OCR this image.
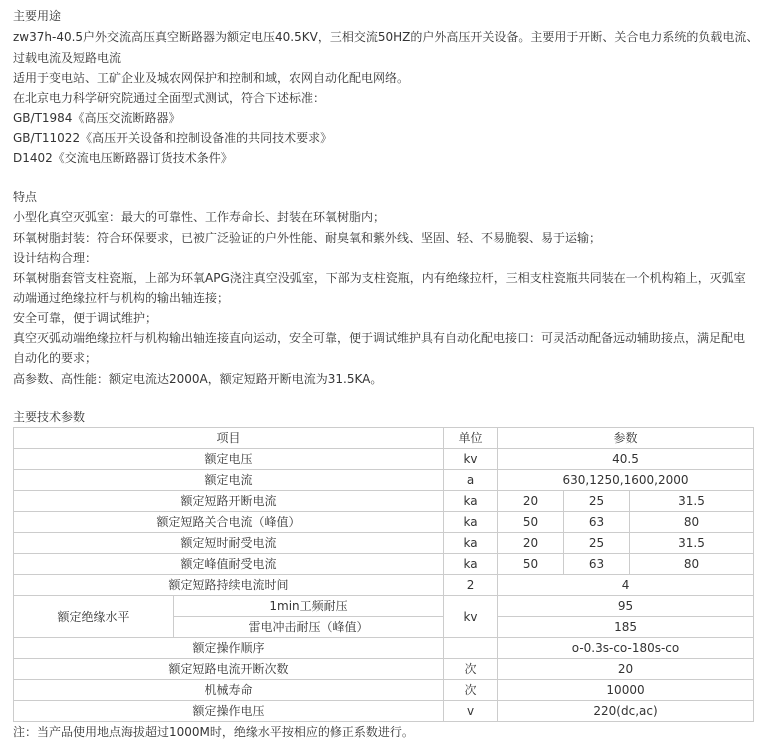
主要用途
zw37h-40.5户外交流高压真空断路器为额定电压40.5KV，三相交流50HZ的户外高压开关设备。主要用于开断、关合电力系统的负载电流、
过载电流及短路电流
适用于变电站、工矿企业及城农网保护和控制和域，农网自动化配电网络。
在北京电力科学研究院通过全面型式测试，符合下述标准：
GB/T1984《高压交流断路器》
GB/T11022《高压开关设备和控制设备准的共同技术要求》
D1402《交流电压断路器订货技术条件》
特点
小型化真空灭弧室：最大的可靠性、工作寿命长、封装在环氧树脂内；
环氧树脂封装：符合环保要求，已被广泛验证的户外性能、耐臭氧和紫外线、坚固、轻、不易脆裂、易于运输；
设计结构合理：
环氧树脂套管支柱瓷瓶，上部为环氧APG浇注真空没弧室，下部为支柱瓷瓶，内有绝缘拉杆，三相支柱瓷瓶共同装在一个机构箱上，灭弧室
动端通过绝缘拉杆与机构的输出轴连接；
安全可靠，便于调试维护；
真空灭弧动端绝缘拉杆与机构输出轴连接直向运动，安全可靠，便于调试维护具有自动化配电接口：可灵活动配备远动辅助接点，满足配电
自动化的要求；
高参数、高性能：额定电流达2000A，额定短路开断电流为31.5KA。
主要技术参数
项目		单位	参数		
额定电压		kv	40.5		
额定电流		a	630,1250,1600,2000		
额定短路开断电流		ka	20	25	31.5
额定短路关合电流（峰值）		ka	50	63	80
额定短时耐受电流		ka	20	25	31.5
额定峰值耐受电流		ka	50	63	80
额定短路持续电流时间		2	4		
额定绝缘水平	1min工频耐压	kv	95		
	雷电冲击耐压（峰值）		185		
额定操作顺序			o-0.3s-co-180s-co		
额定短路电流开断次数		次	20		
机械寿命		次	10000		
额定操作电压		v	220(dc,ac)		
注：当产品使用地点海拔超过1000M时，绝缘水平按相应的修正系数进行。
